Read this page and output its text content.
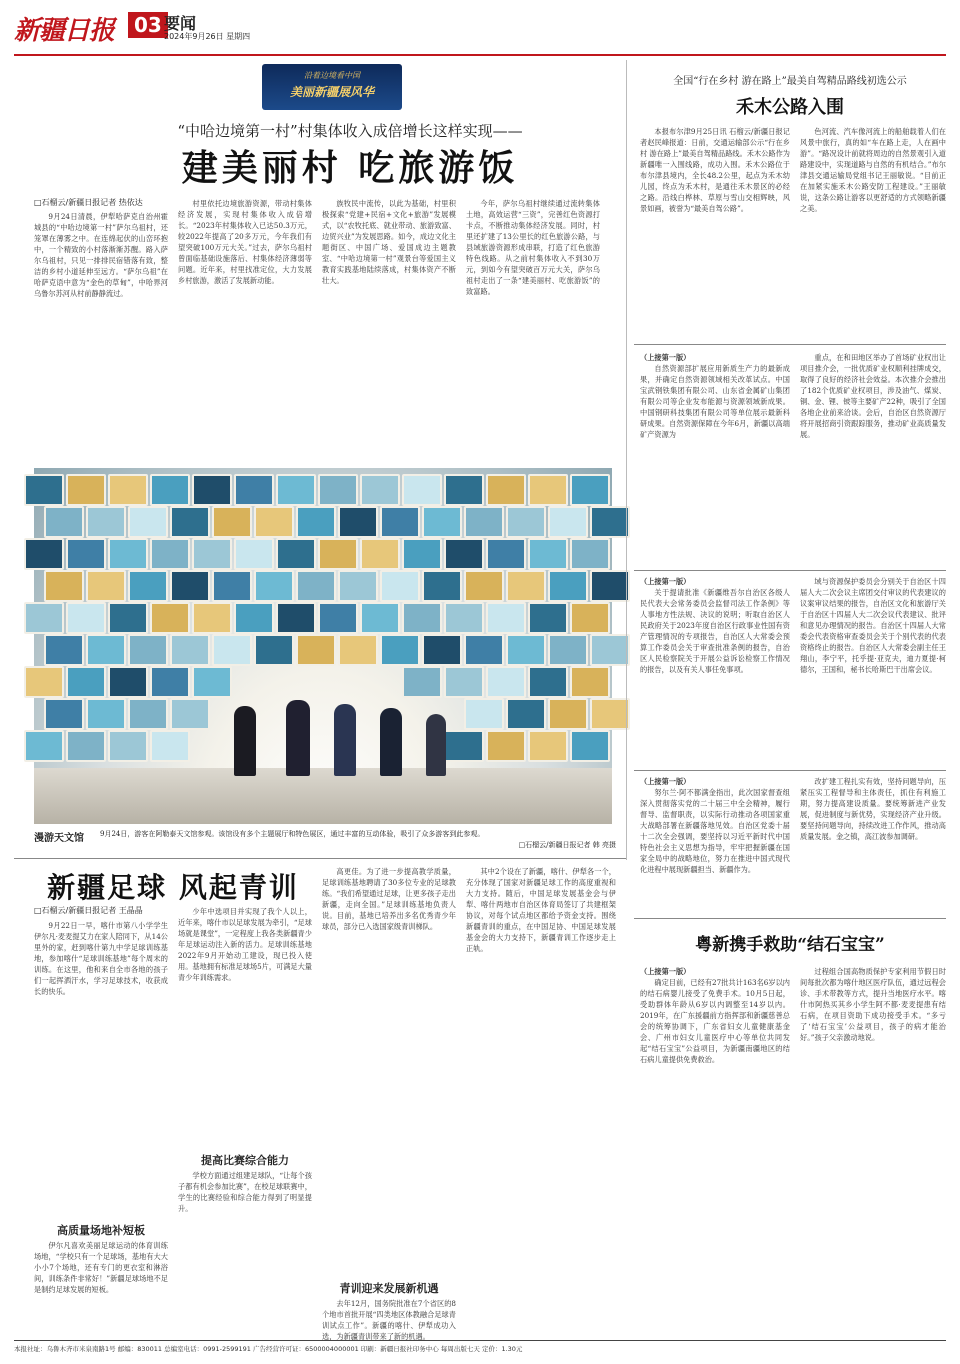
新疆日报 03 要闻
2024年9月26日 星期四
沿着边境看中国
美丽新疆展风华
“中哈边境第一村”村集体收入成倍增长这样实现——
建美丽村 吃旅游饭
□石榴云/新疆日报记者 热依达

9月24日清晨，伊犁哈萨克自治州霍城县的“中哈边境第一村”萨尔乌祖村，还笼罩在薄雾之中。在连绵起伏的山峦环抱中，一个精致的小村落渐渐苏醒。路入萨尔乌祖村，只见一排排民宿错落有致，整洁的乡村小道延伸至远方。“萨尔乌祖”在哈萨克语中意为“金色的草甸”，中哈界河乌鲁尔苏河从村前静静流过。

村里依托边境旅游资源，带动村集体经济发展，实现村集体收入成倍增长。“2023年村集体收入已达50.3万元，较2022年提高了20多万元，今年我们有望突破100万元大关。”过去，萨尔乌祖村曾面临基础设施落后、村集体经济薄弱等问题。近年来，村里找准定位，大力发展乡村旅游，激活了发展新动能。

族牧民中流传，以此为基础，村里积极探索“党建+民宿+文化+旅游”发展模式，以“农牧托底、就业带动、旅游致富、边贸兴业”为发展思路。如今，成边文化主题街区、中国广场、爱国成边主题教室、“中哈边境第一村”观景台等爱国主义教育实践基地陆续落成，村集体资产不断壮大。

今年，萨尔乌祖村继续通过流转集体土地，高效运营“三资”，完善红色资源打卡点，不断推动集体经济发展。同时，村里还扩建了13公里长的红色旅游公路，与县域旅游资源形成串联，打造了红色旅游特色线路。从之前村集体收入不到30万元，到如今有望突破百万元大关，萨尔乌祖村走出了一条“建美丽村、吃旅游饭”的致富路。

漫游天文馆 9月24日，游客在阿勒泰天文馆参观。该馆设有多个主题展厅和特色展区，通过丰富的互动体验，吸引了众多游客到此参观。
□石榴云/新疆日报记者 韩 亮摄
全国“行在乡村 游在路上”最美自驾精品路线初选公示
禾木公路入围

本报布尔津9月25日讯 石榴云/新疆日报记者赵民峰报道：日前，交通运输部公示“行在乡村 游在路上”最美自驾精品路线。禾木公路作为新疆唯一入围线路，成功入围。禾木公路位于布尔津县境内，全长48.2公里，起点为禾木幼儿园，终点为禾木村，是通往禾木景区的必经之路。沿线白桦林、草原与雪山交相辉映，风景如画，被誉为“最美自驾公路”。

色河流、汽车像河流上的船舶载着人们在风景中旅行，真的如“车在路上走，人在画中游”。“路况设计前就将周边的自然景观引入道路建设中，实现道路与自然的有机结合。”布尔津县交通运输局党组书记王丽敏说。“目前正在加紧实施禾木公路安防工程建设。”王丽敏说，这条公路让游客以更舒适的方式领略新疆之美。

（上接第一版）

自然资源部扩展应用新质生产力的最新成果，并确定自然资源领域相关改革试点。中国宝武钢铁集团有限公司、山东省金属矿山集团有限公司等企业发布能源与资源领域新成果。中国钢研科技集团有限公司等单位展示最新科研成果。自然资源保障在今年6月，新疆以高端矿产资源为

重点，在和田地区举办了首场矿业权出让项目推介会，一批优质矿业权顺利挂牌成交，取得了良好的经济社会效益。本次推介会推出了182个优质矿业权项目，涉及油气、煤炭、铜、金、锂、铍等主要矿产22种，吸引了全国各地企业前来洽谈。会后，自治区自然资源厅将开展招商引资跟踪服务，推动矿业高质量发展。

（上接第一版）

关于提请批准《新疆维吾尔自治区各级人民代表大会常务委员会监督司法工作条例》等人事地方性法规、决议的说明；听取自治区人民政府关于2023年度自治区行政事业性国有资产管理情况的专项报告，自治区人大常委会预算工作委员会关于审查批准条例的报告，自治区人民检察院关于开展公益诉讼检察工作情况的报告，以及有关人事任免事项。

域与资源保护委员会分别关于自治区十四届人大二次会议主席团交付审议的代表建议的议案审议结果的报告，自治区文化和旅游厅关于自治区十四届人大二次会议代表建议、批评和意见办理情况的报告。自治区十四届人大常委会代表资格审查委员会关于个别代表的代表资格终止的报告。自治区人大常委会副主任王翔山，李宁平，托乎提·亚克夫，迪力夏提·柯德尔，王国和，秘书长哈斯巴干出席会议。

（上接第一版）

努尔兰·阿不都满金指出，此次国家督查组深入贯彻落实党的二十届三中全会精神，履行督导、监督职责，以实际行动推动各项国家重大战略部署在新疆落地见效。自治区党委十届十二次全会强调，要坚持以习近平新时代中国特色社会主义思想为指导，牢牢把握新疆在国家全局中的战略地位，努力在推进中国式现代化进程中展现新疆担当、新疆作为。

改扩建工程扎实有效，坚持问题导向，压紧压实工程督导和主体责任，抓住有利施工期，努力提高建设质量。要统筹新进产业发展，促进制度与新优势，实现经济产业升级。要坚持问题导向，持续改进工作作风，推动高质量发展。金之镇，高江波参加调研。

粤新携手救助“结石宝宝”
（上接第一版）

确定目前，已经有27批共计163名6岁以内的结石病婴儿接受了免费手术。10月5日起，受助群体年龄从6岁以内调整至14岁以内。2019年，在广东援疆前方指挥部和新疆慈善总会的统筹协调下，广东省妇女儿童健康基金会、广州市妇女儿童医疗中心等单位共同发起“结石宝宝”公益项目，为新疆南疆地区的结石病儿童提供免费救治。

过程组合国高物质保护专家利用节假日时间每批次都为喀什地区医疗队伍，通过远程会诊、手术带教等方式，提升当地医疗水平。喀什市阿热买其乡小学生阿不都·麦麦提患有结石病，在项目资助下成功接受手术。“多亏了‘结石宝宝’公益项目，孩子的病才能治好。”孩子父亲激动地说。

新疆足球 风起青训
□石榴云/新疆日报记者 王晶晶

9月22日一早，喀什市第八小学学生伊尔凡·麦麦提艾力在家人陪同下，从14公里外的家，赶到喀什第九中学足球训练基地，参加喀什“足球训练基地”每个周末的训练。在这里，他和来自全市各地的孩子们一起挥洒汗水，学习足球技术，收获成长的快乐。

高质量场地补短板

伊尔凡喜欢美丽足球运动的体育训练场地，“学校只有一个足球场，基地有大大小小7个场地，还有专门的更衣室和淋浴间，训练条件非常好！”新疆足球场地不足是制约足球发展的短板。

少年中选项目并实现了我个人以上，近年来，喀什市以足球发展为牵引，“足球场就是课堂”，一定程度上我各类新疆青少年足球运动注入新的活力。足球训练基地2022年9月开始动工建设，现已投入使用。基地拥有标准足球场5片，可满足大量青少年训练需求。

提高比赛综合能力

学校方面通过组建足球队，“让每个孩子都有机会参加比赛”，在校足球联赛中，学生的比赛经验和综合能力得到了明显提升。

高更佳。为了进一步提高教学质量，足球训练基地聘请了30多位专业的足球教练。“我们希望通过足球，让更多孩子走出新疆，走向全国。”足球训练基地负责人说。目前，基地已培养出多名优秀青少年球员，部分已入选国家级青训梯队。

青训迎来发展新机遇

去年12月，国务院批准在7个省区的8个地市首批开展“四类地区体教融合足球青训试点工作”。新疆的喀什、伊犁成功入选，为新疆青训带来了新的机遇。

其中2个设在了新疆，喀什、伊犁各一个，充分体现了国家对新疆足球工作的高度重视和大力支持。随后，中国足球发展基金会与伊犁、喀什两地市自治区体育局签订了共建框架协议，对每个试点地区都给予资金支持。围绕新疆青训的重点，在中国足协、中国足球发展基金会的大力支持下，新疆青训工作逐步走上正轨。

本报社址：乌鲁木齐市米泉南路1号 邮编：830011 总编室电话：0991-2599191 广告经营许可证：6500004000001 印刷：新疆日报社印务中心 每周出版七天 定价：1.30元
